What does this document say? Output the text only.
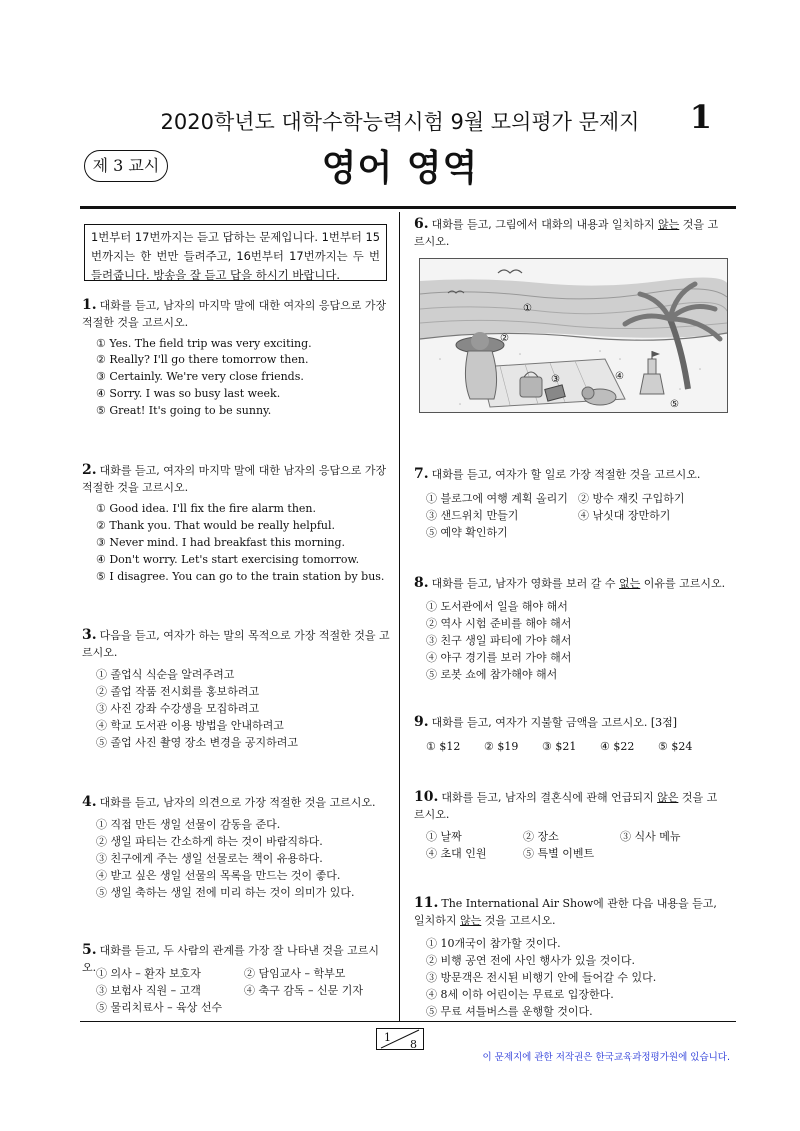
2020학년도 대학수학능력시험 9월 모의평가 문제지	1
제 3 교시	영어 영역
1번부터 17번까지는 듣고 답하는 문제입니다. 1번부터 15번까지는 한 번만 들려주고, 16번부터 17번까지는 두 번 들려줍니다. 방송을 잘 듣고 답을 하시기 바랍니다.
1. 대화를 듣고, 남자의 마지막 말에 대한 여자의 응답으로 가장 적절한 것을 고르시오.
① Yes. The field trip was very exciting.
② Really? I'll go there tomorrow then.
③ Certainly. We're very close friends.
④ Sorry. I was so busy last week.
⑤ Great! It's going to be sunny.
2. 대화를 듣고, 여자의 마지막 말에 대한 남자의 응답으로 가장 적절한 것을 고르시오.
① Good idea. I'll fix the fire alarm then.
② Thank you. That would be really helpful.
③ Never mind. I had breakfast this morning.
④ Don't worry. Let's start exercising tomorrow.
⑤ I disagree. You can go to the train station by bus.
3. 다음을 듣고, 여자가 하는 말의 목적으로 가장 적절한 것을 고르시오.
① 졸업식 식순을 알려주려고
② 졸업 작품 전시회를 홍보하려고
③ 사진 강좌 수강생을 모집하려고
④ 학교 도서관 이용 방법을 안내하려고
⑤ 졸업 사진 촬영 장소 변경을 공지하려고
4. 대화를 듣고, 남자의 의견으로 가장 적절한 것을 고르시오.
① 직접 만든 생일 선물이 감동을 준다.
② 생일 파티는 간소하게 하는 것이 바람직하다.
③ 친구에게 주는 생일 선물로는 책이 유용하다.
④ 받고 싶은 생일 선물의 목록을 만드는 것이 좋다.
⑤ 생일 축하는 생일 전에 미리 하는 것이 의미가 있다.
5. 대화를 듣고, 두 사람의 관계를 가장 잘 나타낸 것을 고르시오. ① 의사 – 환자 보호자	② 담임교사 – 학부모
③ 보험사 직원 – 고객	④ 축구 감독 – 신문 기자
⑤ 물리치료사 – 육상 선수
6. 대화를 듣고, 그림에서 대화의 내용과 일치하지 않는 것을 고르시오.
①
②
③	④
⑤
7. 대화를 듣고, 여자가 할 일로 가장 적절한 것을 고르시오.
① 블로그에 여행 계획 올리기 ② 방수 재킷 구입하기
③ 샌드위치 만들기	④ 낚싯대 장만하기
⑤ 예약 확인하기
8. 대화를 듣고, 남자가 영화를 보러 갈 수 없는 이유를 고르시오.
① 도서관에서 일을 해야 해서
② 역사 시험 준비를 해야 해서
③ 친구 생일 파티에 가야 해서
④ 야구 경기를 보러 가야 해서
⑤ 로봇 쇼에 참가해야 해서
9. 대화를 듣고, 여자가 지불할 금액을 고르시오. [3점]
① $12 ② $19 ③ $21 ④ $22 ⑤ $24
10. 대화를 듣고, 남자의 결혼식에 관해 언급되지 않은 것을 고르시오.
① 날짜	② 장소	③ 식사 메뉴
④ 초대 인원	⑤ 특별 이벤트
11. The International Air Show에 관한 다음 내용을 듣고, 일치하지 않는 것을 고르시오.
① 10개국이 참가할 것이다.
② 비행 공연 전에 사인 행사가 있을 것이다.
③ 방문객은 전시된 비행기 안에 들어갈 수 있다.
④ 8세 이하 어린이는 무료로 입장한다.
⑤ 무료 셔틀버스를 운행할 것이다.
1
8
이 문제지에 관한 저작권은 한국교육과정평가원에 있습니다.
